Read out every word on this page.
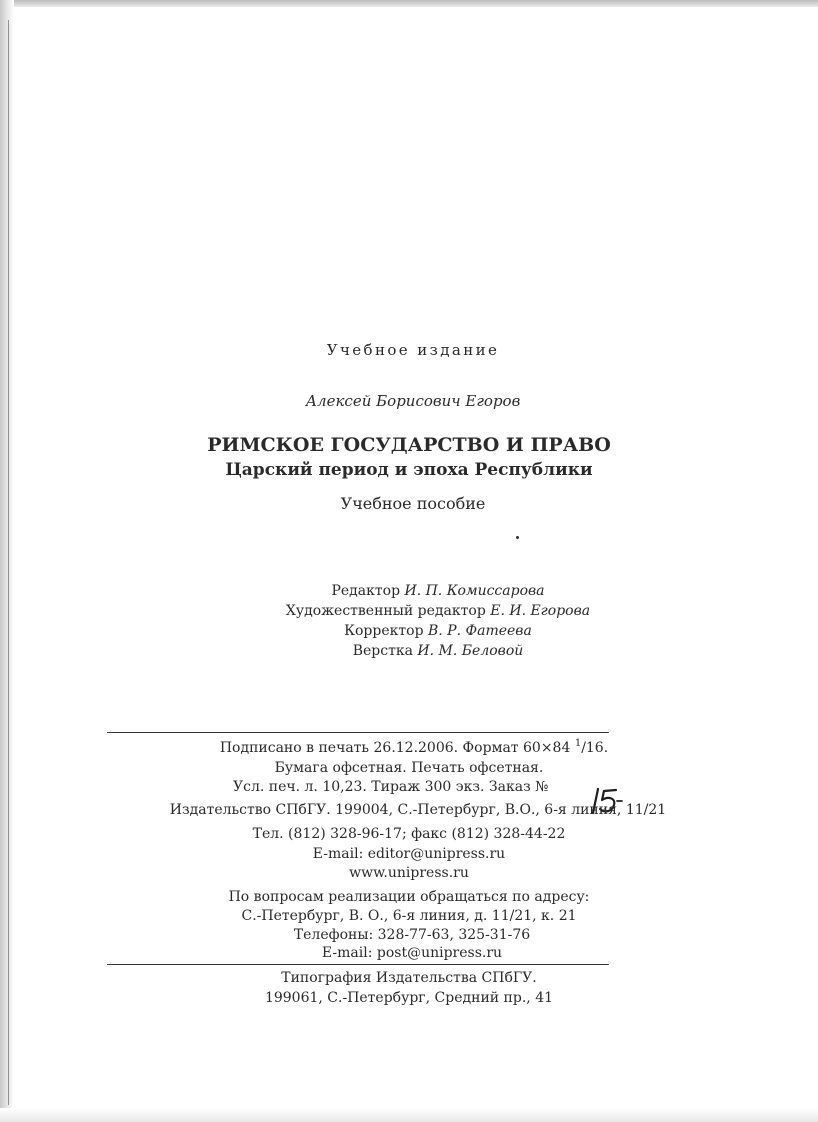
Учебное издание

Алексей Борисович Егоров

РИМСКОЕ ГОСУДАРСТВО И ПРАВО

Царский период и эпоха Республики

Учебное пособие

Редактор И. П. Комиссарова

Художественный редактор Е. И. Егорова

Корректор В. Р. Фатеева

Верстка И. М. Беловой

Подписано в печать 26.12.2006. Формат 60×84 $^1$/16.

Бумага офсетная. Печать офсетная.

Усл. печ. л. 10,23. Тираж 300 экз. Заказ №

Издательство СПбГУ. 199004, С.-Петербург, В.О., 6-я линия, 11/21

Тел. (812) 328-96-17; факс (812) 328-44-22

E-mail: editor@unipress.ru

www.unipress.ru

По вопросам реализации обращаться по адресу:

С.-Петербург, В. О., 6-я линия, д. 11/21, к. 21

Телефоны: 328-77-63, 325-31-76

E-mail: post@unipress.ru

Типография Издательства СПбГУ.

199061, С.-Петербург, Средний пр., 41
